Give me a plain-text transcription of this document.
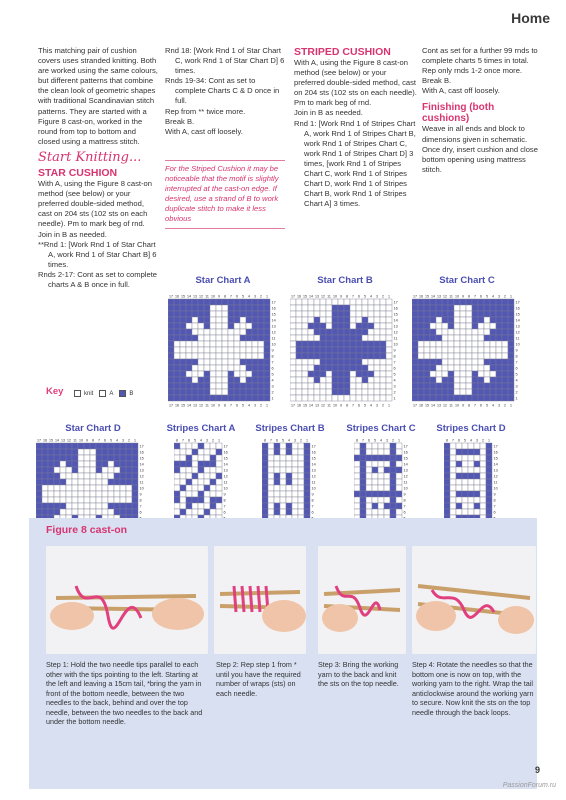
Home

This matching pair of cushion covers uses stranded knitting. Both are worked using the same colours, but different patterns that combine the clean look of geometric shapes with traditional Scandinavian stitch patterns. They are started with a Figure 8 cast-on, worked in the round from top to bottom and closed using a mattress stitch.

Start Knitting...
STAR CUSHION

With A, using the Figure 8 cast-on method (see below) or your preferred double-sided method, cast on 204 sts (102 sts on each needle). Pm to mark beg of rnd.

Join in B as needed.

**Rnd 1: [Work Rnd 1 of Star Chart A, work Rnd 1 of Star Chart B] 6 times.

Rnds 2-17: Cont as set to complete charts A & B once in full.

Rnd 18: [Work Rnd 1 of Star Chart C, work Rnd 1 of Star Chart D] 6 times.

Rnds 19-34: Cont as set to complete Charts C & D once in full.

Rep from ** twice more.

Break B.

With A, cast off loosely.

For the Striped Cushion it may be noticeable that the motif is slightly interrupted at the cast-on edge. If desired, use a strand of B to work duplicate stitch to make it less obvious
STRIPED CUSHION

With A, using the Figure 8 cast-on method (see below) or your preferred double-sided method, cast on 204 sts (102 sts on each needle). Pm to mark beg of rnd.

Join in B as needed.

Rnd 1: [Work Rnd 1 of Stripes Chart A, work Rnd 1 of Stripes Chart B, work Rnd 1 of Stripes Chart C, work Rnd 1 of Stripes Chart D] 3 times, [work Rnd 1 of Stripes Chart C, work Rnd 1 of Stripes Chart D, work Rnd 1 of Stripes Chart B, work Rnd 1 of Stripes Chart A] 3 times.

Cont as set for a further 99 rnds to complete charts 5 times in total.

Rep only rnds 1-2 once more.

Break B.

With A, cast off loosely.

Finishing (both cushions)

Weave in all ends and block to dimensions given in schematic. Once dry, insert cushion and close bottom opening using mattress stitch.

Star Chart A	Star Chart B	Star Chart C
Star Chart D	Stripes Chart A	Stripes Chart B	Stripes Chart C	Stripes Chart D
17
17
16
16
15
15
14
14
13
13
12
12
11
11
10
10
9
9
8
8
7
7
6
6
5
5
4
4
3
3
2
2
1
1
17
16
15
14
13
12
11
10
9
8
7
6
5
4
3
2
1
17
17
16
16
15
15
14
14
13
13
12
12
11
11
10
10
9
9
8
8
7
7
6
6
5
5
4
4
3
3
2
2
1
1
17
16
15
14
13
12
11
10
9
8
7
6
5
4
3
2
1
17
17
16
16
15
15
14
14
13
13
12
12
11
11
10
10
9
9
8
8
7
7
6
6
5
5
4
4
3
3
2
2
1
1
17
16
15
14
13
12
11
10
9
8
7
6
5
4
3
2
1
17 16 15 14 13 12 11 10 9 8 7 6 5 4 3 2 1
17
16
15
14
13
12
11
10
9
8
7
6
8 7 6 5 4 3 2 1
17
16
15
14
13
12
11
10
9
8
7
6
8 7 6 5 4 3 2 1
17
16
15
14
13
12
11
10
9
8
7
6
8 7 6 5 4 3 2 1
17
16
15
14
13
12
11
10
9
8
7
6
8 7 6 5 4 3 2 1
17
16
15
14
13
12
11
10
9
8
7
6
Key	knit	A	B
Figure 8 cast-on
Step 1: Hold the two needle tips parallel to each other with the tips pointing to the left. Starting at the left and leaving a 15cm tail, *bring the yarn in front of the bottom needle, between the two needles to the back, behind and over the top needle, between the two needles to the back and under the bottom needle.
Step 2: Rep step 1 from * until you have the required number of wraps (sts) on each needle.
Step 3: Bring the working yarn to the back and knit the sts on the top needle.
Step 4: Rotate the needles so that the bottom one is now on top, with the working yarn to the right. Wrap the tail anticlockwise around the working yarn to secure. Now knit the sts on the top needle through the back loops.
9
PassionForum.ru
